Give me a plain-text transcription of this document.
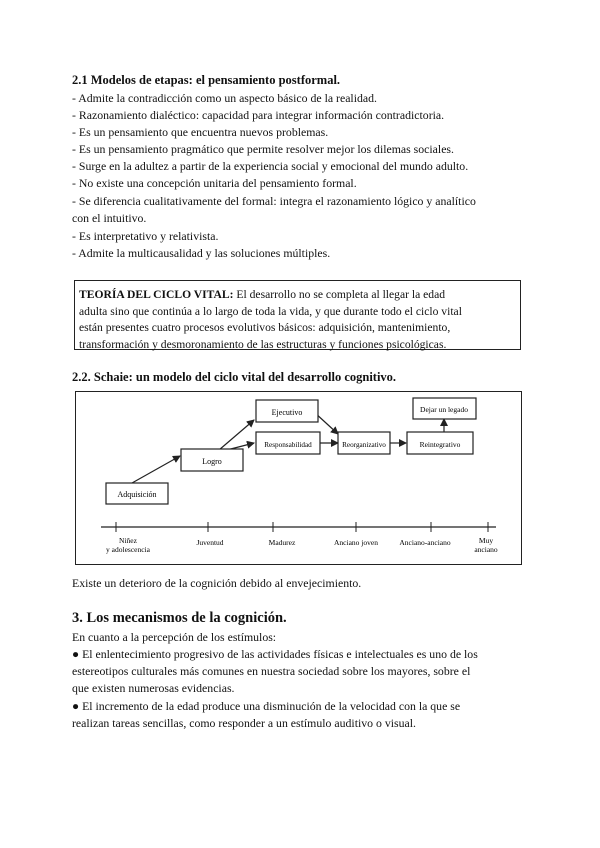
2.1 Modelos de etapas: el pensamiento postformal.
- Admite la contradicción como un aspecto básico de la realidad.
- Razonamiento dialéctico: capacidad para integrar información contradictoria.
- Es un pensamiento que encuentra nuevos problemas.
- Es un pensamiento pragmático que permite resolver mejor los dilemas sociales.
- Surge en la adultez a partir de la experiencia social y emocional del mundo adulto.
- No existe una concepción unitaria del pensamiento formal.
- Se diferencia cualitativamente del formal: integra el razonamiento lógico y analítico
con el intuitivo.
- Es interpretativo y relativista.
- Admite la multicausalidad y las soluciones múltiples.
TEORÍA DEL CICLO VITAL: El desarrollo no se completa al llegar la edad
adulta sino que continúa a lo largo de toda la vida, y que durante todo el ciclo vital
están presentes cuatro procesos evolutivos básicos: adquisición, mantenimiento,
transformación y desmoronamiento de las estructuras y funciones psicológicas.
2.2. Schaie: un modelo del ciclo vital del desarrollo cognitivo.
Adquisición
Logro
Ejecutivo
Responsabilidad	Reorganizativo	Reintegrativo
Dejar un legado
Niñez
y adolescencia
Juventud	Madurez	Anciano joven	Anciano-anciano	Muy
anciano
Existe un deterioro de la cognición debido al envejecimiento.
3. Los mecanismos de la cognición.
En cuanto a la percepción de los estímulos:
● El enlentecimiento progresivo de las actividades físicas e intelectuales es uno de los
estereotipos culturales más comunes en nuestra sociedad sobre los mayores, sobre el
que existen numerosas evidencias.
● El incremento de la edad produce una disminución de la velocidad con la que se
realizan tareas sencillas, como responder a un estímulo auditivo o visual.
